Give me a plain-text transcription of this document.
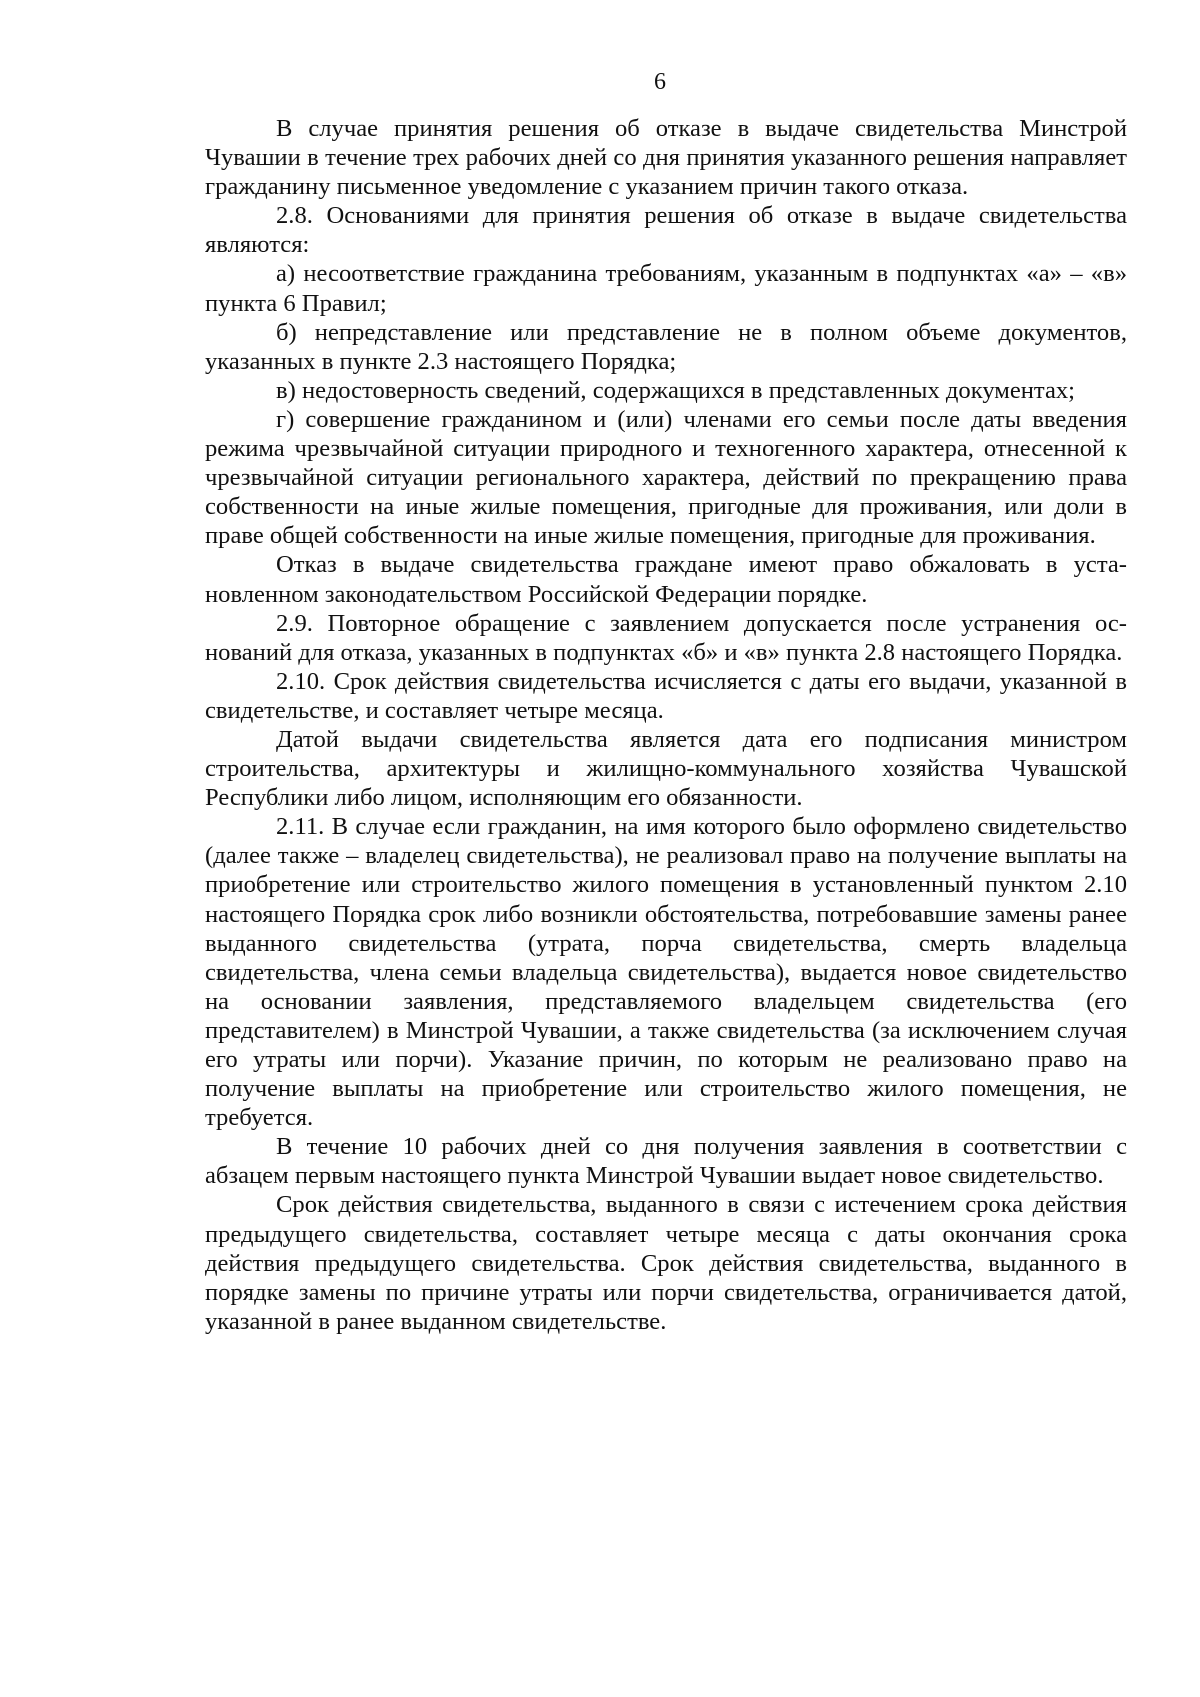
6

В случае принятия решения об отказе в выдаче свидетельства Минстрой Чувашии в течение трех рабочих дней со дня принятия указанного решения направляет гражданину письменное уведомление с указанием причин такого отказа.

2.8. Основаниями для принятия решения об отказе в выдаче свидетельства являются:

а) несоответствие гражданина требованиям, указанным в подпунктах «а» – «в» пункта 6 Правил;

б) непредставление или представление не в полном объеме документов, указанных в пункте 2.3 настоящего Порядка;

в) недостоверность сведений, содержащихся в представленных документах;

г) совершение гражданином и (или) членами его семьи после даты введения режима чрезвычайной ситуации природного и техногенного характера, отнесенной к чрезвычайной ситуации регионального характера, действий по прекращению права собственности на иные жилые помещения, пригодные для проживания, или доли в праве общей собственности на иные жилые помещения, пригодные для проживания.

Отказ в выдаче свидетельства граждане имеют право обжаловать в установленном законодательством Российской Федерации порядке.

2.9. Повторное обращение с заявлением допускается после устранения оснований для отказа, указанных в подпунктах «б» и «в» пункта 2.8 настоящего Порядка.

2.10. Срок действия свидетельства исчисляется с даты его выдачи, указанной в свидетельстве, и составляет четыре месяца.

Датой выдачи свидетельства является дата его подписания министром строительства, архитектуры и жилищно-коммунального хозяйства Чувашской Республики либо лицом, исполняющим его обязанности.

2.11. В случае если гражданин, на имя которого было оформлено свидетельство (далее также – владелец свидетельства), не реализовал право на получение выплаты на приобретение или строительство жилого помещения в установленный пунктом 2.10 настоящего Порядка срок либо возникли обстоятельства, потребовавшие замены ранее выданного свидетельства (утрата, порча свидетельства, смерть владельца свидетельства, члена семьи владельца свидетельства), выдается новое свидетельство на основании заявления, представляемого владельцем свидетельства (его представителем) в Минстрой Чувашии, а также свидетельства (за исключением случая его утраты или порчи). Указание причин, по которым не реализовано право на получение выплаты на приобретение или строительство жилого помещения, не требуется.

В течение 10 рабочих дней со дня получения заявления в соответствии с абзацем первым настоящего пункта Минстрой Чувашии выдает новое свидетельство.

Срок действия свидетельства, выданного в связи с истечением срока действия предыдущего свидетельства, составляет четыре месяца с даты окончания срока действия предыдущего свидетельства. Срок действия свидетельства, выданного в порядке замены по причине утраты или порчи свидетельства, ограничивается датой, указанной в ранее выданном свидетельстве.
